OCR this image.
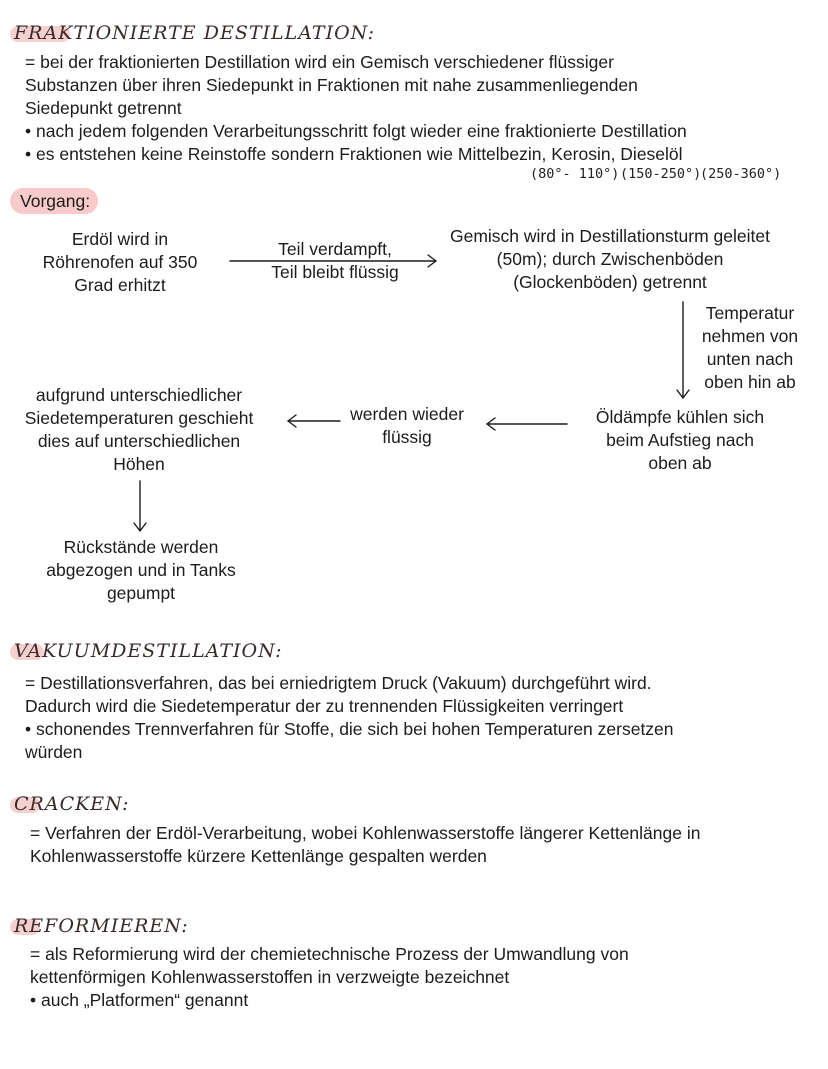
FRAKTIONIERTE DESTILLATION:
= bei der fraktionierten Destillation wird ein Gemisch verschiedener flüssiger
Substanzen über ihren Siedepunkt in Fraktionen mit nahe zusammenliegenden
Siedepunkt getrennt
• nach jedem folgenden Verarbeitungsschritt folgt wieder eine fraktionierte Destillation
• es entstehen keine Reinstoffe sondern Fraktionen wie Mittelbezin, Kerosin, Dieselöl
(80°- 110°) (150-250°)
(250-360°)
Vorgang:
Erdöl wird in
Röhrenofen auf 350
Grad erhitzt
Teil verdampft,
Teil bleibt flüssig
Gemisch wird in Destillationsturm geleitet
(50m); durch Zwischenböden
(Glockenböden) getrennt
Temperatur
nehmen von
unten nach
oben hin ab
Öldämpfe kühlen sich
beim Aufstieg nach
oben ab
werden wieder
flüssig
aufgrund unterschiedlicher
Siedetemperaturen geschieht
dies auf unterschiedlichen
Höhen
Rückstände werden
abgezogen und in Tanks
gepumpt
VAKUUMDESTILLATION:
= Destillationsverfahren, das bei erniedrigtem Druck (Vakuum) durchgeführt wird.
Dadurch wird die Siedetemperatur der zu trennenden Flüssigkeiten verringert
• schonendes Trennverfahren für Stoffe, die sich bei hohen Temperaturen zersetzen
würden
CRACKEN:
= Verfahren der Erdöl-Verarbeitung, wobei Kohlenwasserstoffe längerer Kettenlänge in
Kohlenwasserstoffe kürzere Kettenlänge gespalten werden
REFORMIEREN:
= als Reformierung wird der chemietechnische Prozess der Umwandlung von
kettenförmigen Kohlenwasserstoffen in verzweigte bezeichnet
• auch „Platformen“ genannt
